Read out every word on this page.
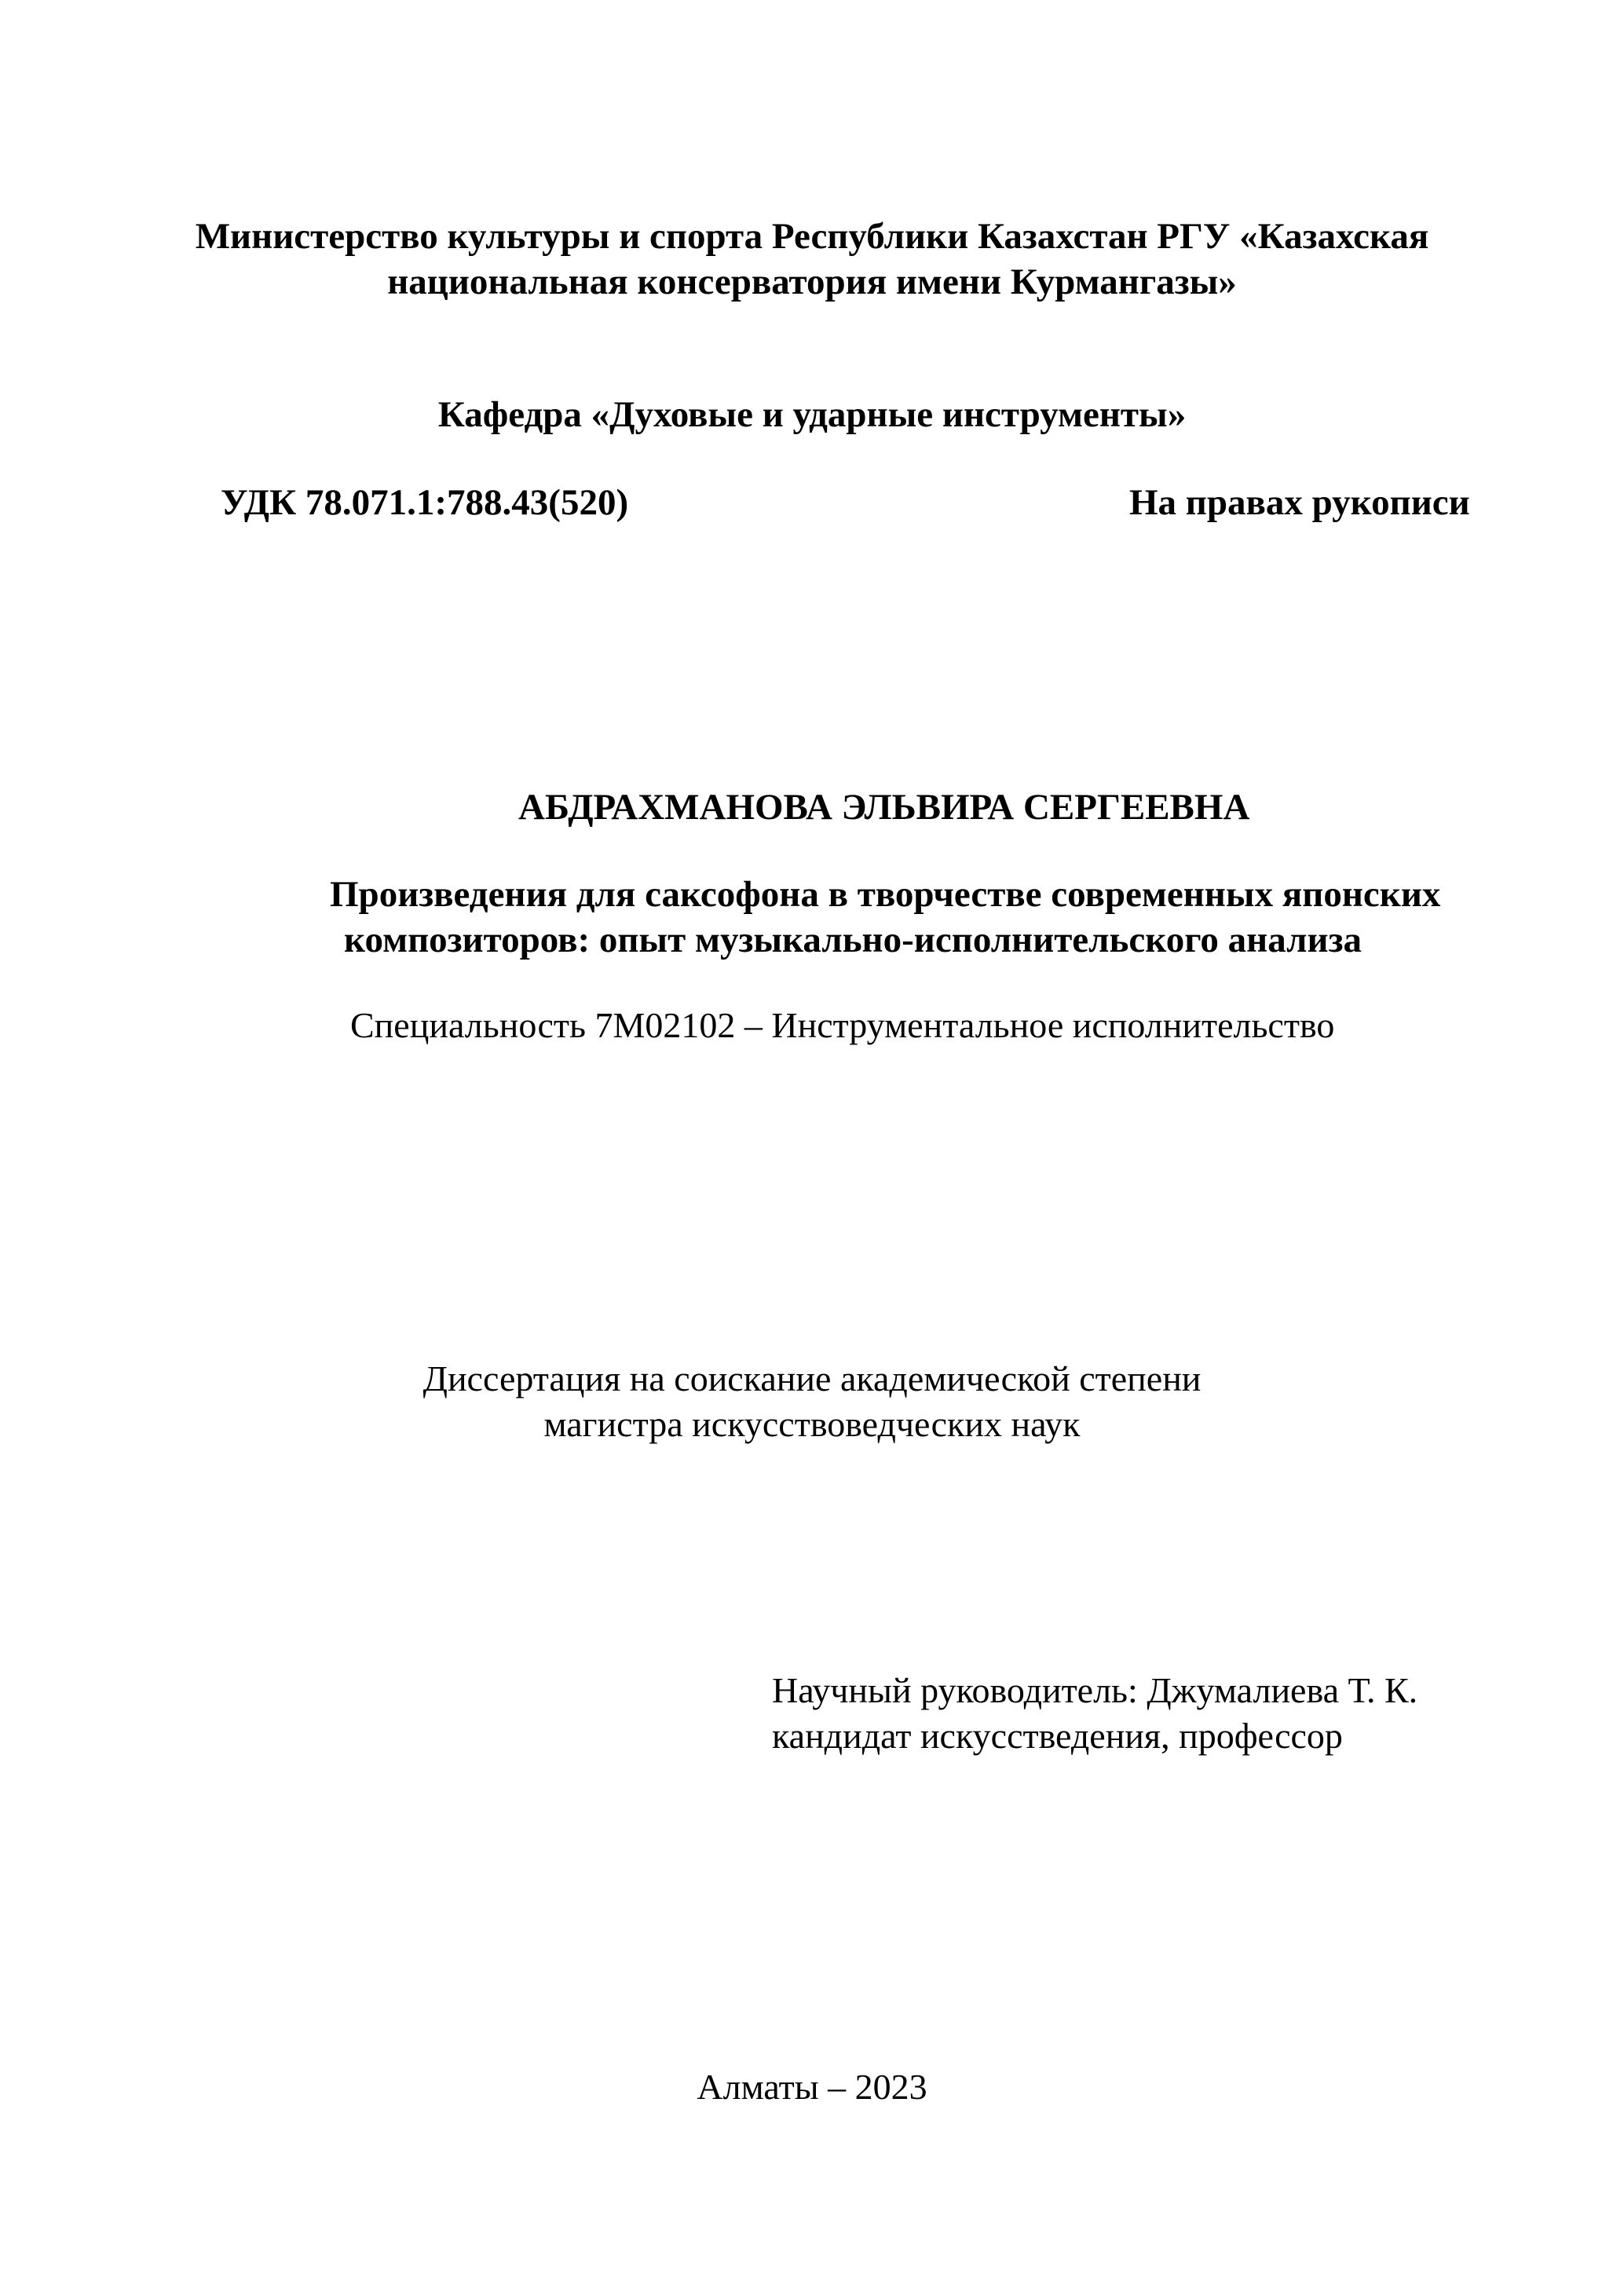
Министерство культуры и спорта Республики Казахстан РГУ «Казахская
национальная консерватория имени Курмангазы»
Кафедра «Духовые и ударные инструменты»
УДК 78.071.1:788.43(520)	На правах рукописи
АБДРАХМАНОВА ЭЛЬВИРА СЕРГЕЕВНА
Произведения для саксофона в творчестве современных японских
композиторов: опыт музыкально-исполнительского анализа
Специальность 7М02102 – Инструментальное исполнительство
Диссертация на соискание академической степени
магистра искусствоведческих наук
Научный руководитель: Джумалиева Т. К.
кандидат искусстведения, профессор
Алматы – 2023
